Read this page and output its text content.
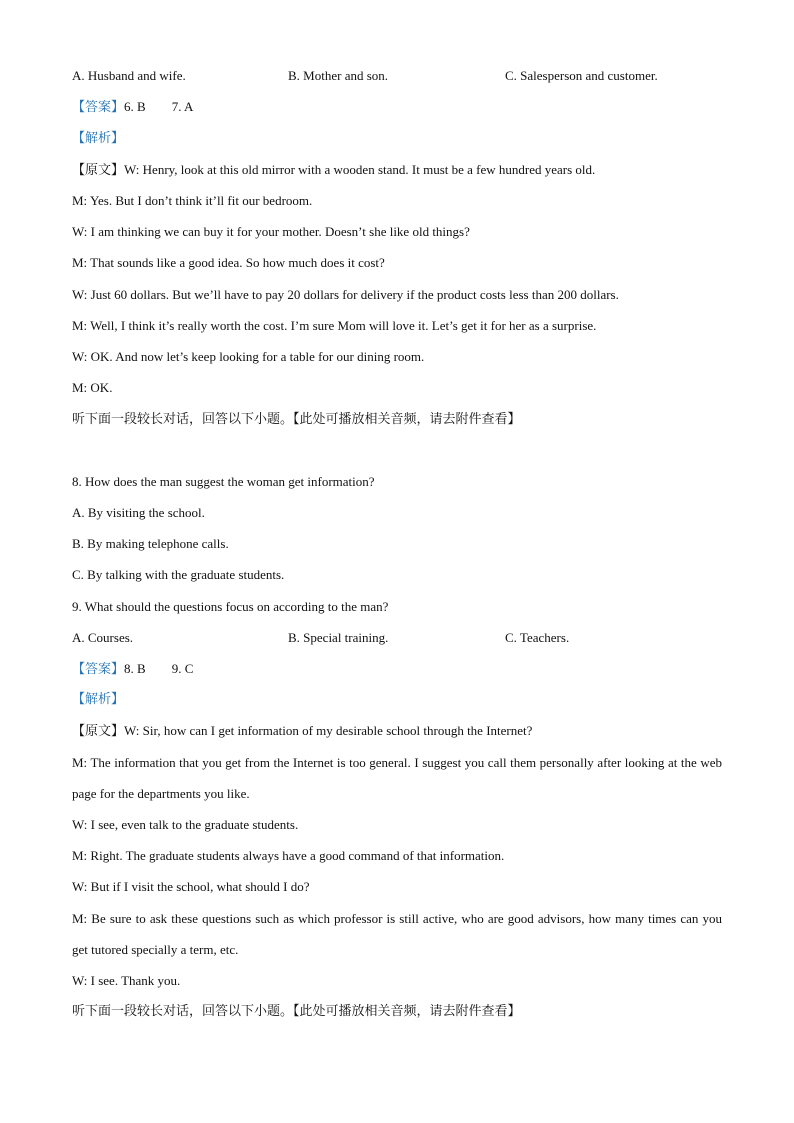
A. Husband and wife.	B. Mother and son.	C. Salesperson and customer.
【答案】6. B 7. A
【解析】
【原文】W: Henry, look at this old mirror with a wooden stand. It must be a few hundred years old.
M: Yes. But I don’t think it’ll fit our bedroom.
W: I am thinking we can buy it for your mother. Doesn’t she like old things?
M: That sounds like a good idea. So how much does it cost?
W: Just 60 dollars. But we’ll have to pay 20 dollars for delivery if the product costs less than 200 dollars.
M: Well, I think it’s really worth the cost. I’m sure Mom will love it. Let’s get it for her as a surprise.
W: OK. And now let’s keep looking for a table for our dining room.
M: OK.
听下面一段较长对话，回答以下小题。【此处可播放相关音频，请去附件查看】
8. How does the man suggest the woman get information?
A. By visiting the school.
B. By making telephone calls.
C. By talking with the graduate students.
9. What should the questions focus on according to the man?
A. Courses.	B. Special training.	C. Teachers.
【答案】8. B 9. C
【解析】
【原文】W: Sir, how can I get information of my desirable school through the Internet?
M: The information that you get from the Internet is too general. I suggest you call them personally after looking at the web page for the departments you like.
W: I see, even talk to the graduate students.
M: Right. The graduate students always have a good command of that information.
W: But if I visit the school, what should I do?
M: Be sure to ask these questions such as which professor is still active, who are good advisors, how many times can you get tutored specially a term, etc.
W: I see. Thank you.
听下面一段较长对话，回答以下小题。【此处可播放相关音频，请去附件查看】
